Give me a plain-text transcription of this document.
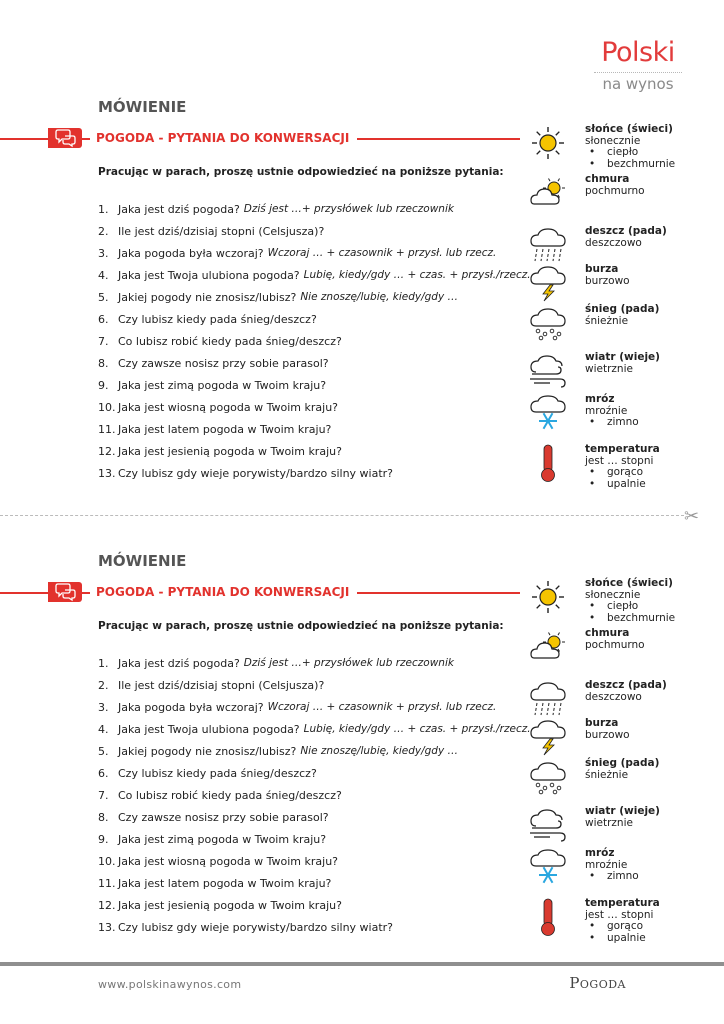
Polski
na wynos
MÓWIENIE
POGODA - PYTANIA DO KONWERSACJI
Pracując w parach, proszę ustnie odpowiedzieć na poniższe pytania:
1. Jaka jest dziś pogoda? Dziś jest …+ przysłówek lub rzeczownik
2. Ile jest dziś/dzisiaj stopni (Celsjusza)?
3. Jaka pogoda była wczoraj? Wczoraj … + czasownik + przysł. lub rzecz.
4. Jaka jest Twoja ulubiona pogoda? Lubię, kiedy/gdy … + czas. + przysł./rzecz.
5. Jakiej pogody nie znosisz/lubisz? Nie znoszę/lubię, kiedy/gdy …
6. Czy lubisz kiedy pada śnieg/deszcz?
7. Co lubisz robić kiedy pada śnieg/deszcz?
8. Czy zawsze nosisz przy sobie parasol?
9. Jaka jest zimą pogoda w Twoim kraju?
10. Jaka jest wiosną pogoda w Twoim kraju?
11. Jaka jest latem pogoda w Twoim kraju?
12. Jaka jest jesienią pogoda w Twoim kraju?
13. Czy lubisz gdy wieje porywisty/bardzo silny wiatr?
słońce (świeci)
słonecznie
• ciepło
• bezchmurnie
chmura
pochmurno
deszcz (pada)
deszczowo
burza
burzowo
śnieg (pada)
śnieżnie
wiatr (wieje)
wietrznie
mróz
mroźnie
• zimno
temperatura
jest … stopni
• gorąco
• upalnie
✂
MÓWIENIE
POGODA - PYTANIA DO KONWERSACJI
Pracując w parach, proszę ustnie odpowiedzieć na poniższe pytania:
1. Jaka jest dziś pogoda? Dziś jest …+ przysłówek lub rzeczownik
2. Ile jest dziś/dzisiaj stopni (Celsjusza)?
3. Jaka pogoda była wczoraj? Wczoraj … + czasownik + przysł. lub rzecz.
4. Jaka jest Twoja ulubiona pogoda? Lubię, kiedy/gdy … + czas. + przysł./rzecz.
5. Jakiej pogody nie znosisz/lubisz? Nie znoszę/lubię, kiedy/gdy …
6. Czy lubisz kiedy pada śnieg/deszcz?
7. Co lubisz robić kiedy pada śnieg/deszcz?
8. Czy zawsze nosisz przy sobie parasol?
9. Jaka jest zimą pogoda w Twoim kraju?
10. Jaka jest wiosną pogoda w Twoim kraju?
11. Jaka jest latem pogoda w Twoim kraju?
12. Jaka jest jesienią pogoda w Twoim kraju?
13. Czy lubisz gdy wieje porywisty/bardzo silny wiatr?
słońce (świeci)
słonecznie
• ciepło
• bezchmurnie
chmura
pochmurno
deszcz (pada)
deszczowo
burza
burzowo
śnieg (pada)
śnieżnie
wiatr (wieje)
wietrznie
mróz
mroźnie
• zimno
temperatura
jest … stopni
• gorąco
• upalnie
www.polskinawynos.com	Pogoda
